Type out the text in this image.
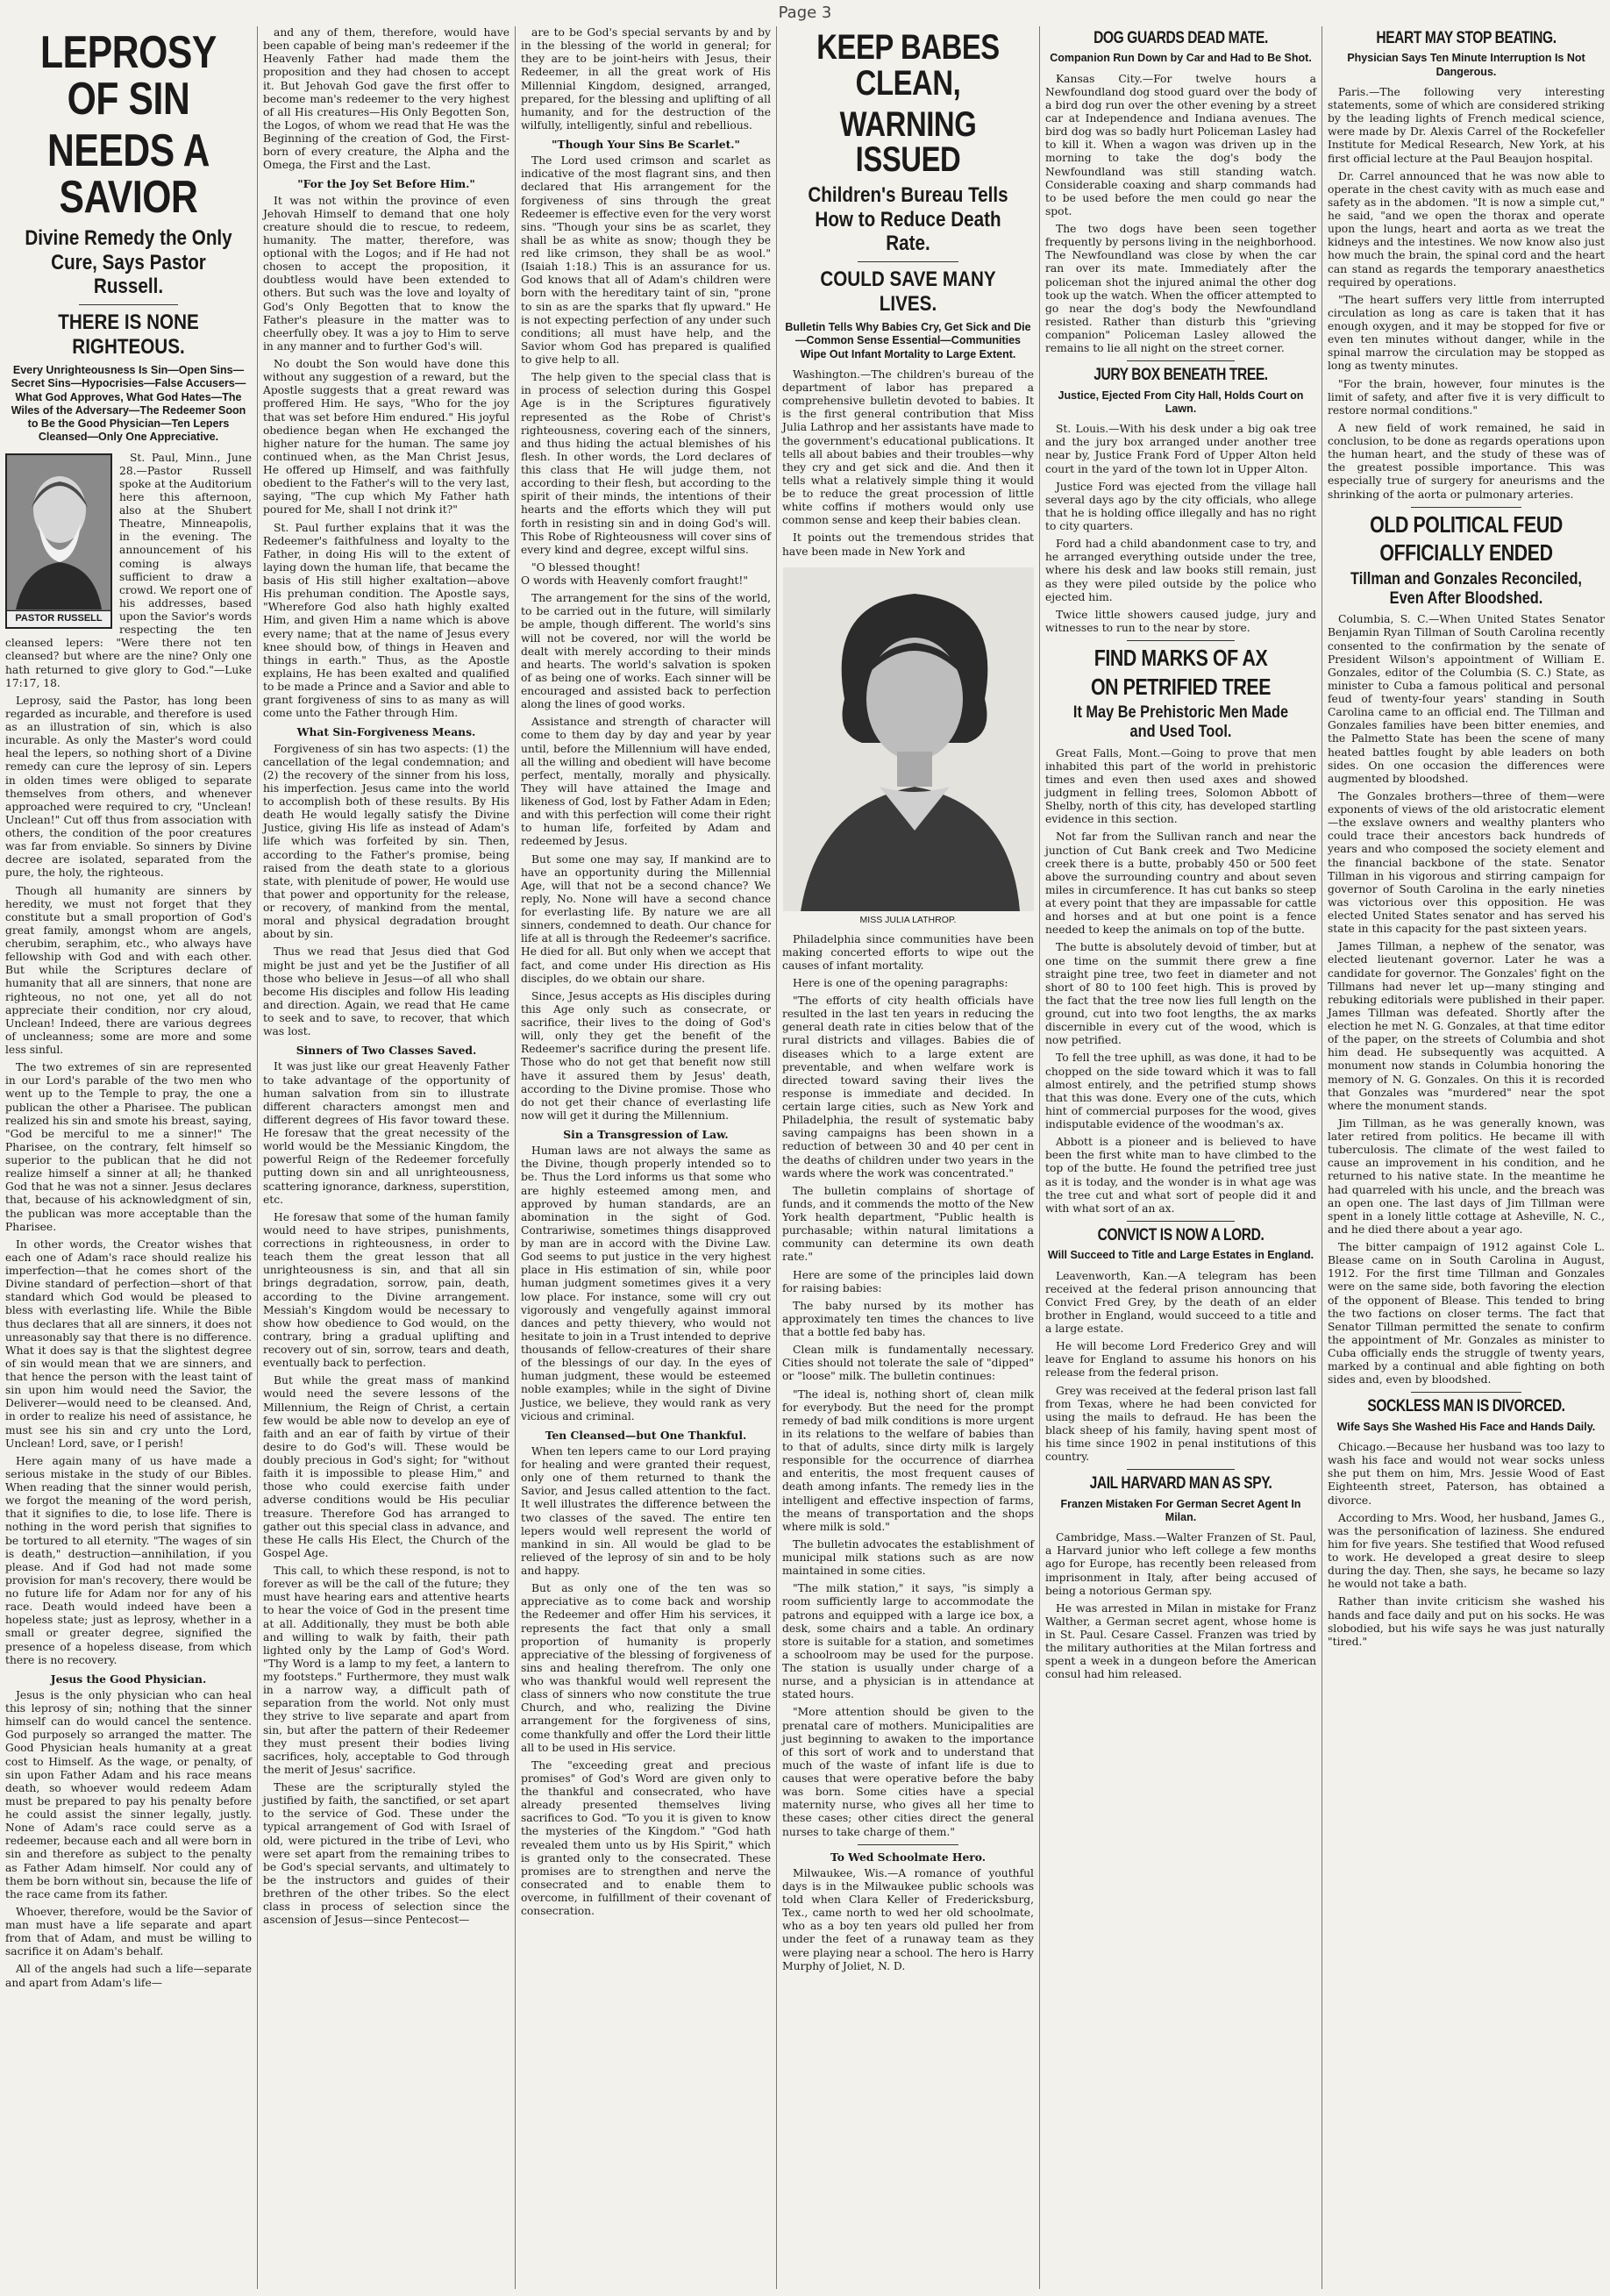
Page 3
LEPROSY OF SIN
NEEDS A SAVIOR
Divine Remedy the Only Cure, Says Pastor Russell.
THERE IS NONE RIGHTEOUS.
Every Unrighteousness Is Sin—Open Sins—Secret Sins—Hypocrisies—False Accusers—What God Approves, What God Hates—The Wiles of the Adversary—The Redeemer Soon to Be the Good Physician—Ten Lepers Cleansed—Only One Appreciative.
PASTOR RUSSELL

St. Paul, Minn., June 28.—Pastor Russell spoke at the Auditorium here this afternoon, also at the Shubert Theatre, Minneapolis, in the evening. The announcement of his coming is always sufficient to draw a crowd. We report one of his addresses, based upon the Savior's words respecting the ten cleansed lepers: "Were there not ten cleansed? but where are the nine? Only one hath returned to give glory to God."—Luke 17:17, 18.

Leprosy, said the Pastor, has long been regarded as incurable, and therefore is used as an illustration of sin, which is also incurable. As only the Master's word could heal the lepers, so nothing short of a Divine remedy can cure the leprosy of sin. Lepers in olden times were obliged to separate themselves from others, and whenever approached were required to cry, "Unclean! Unclean!" Cut off thus from association with others, the condition of the poor creatures was far from enviable. So sinners by Divine decree are isolated, separated from the pure, the holy, the righteous.

Though all humanity are sinners by heredity, we must not forget that they constitute but a small proportion of God's great family, amongst whom are angels, cherubim, seraphim, etc., who always have fellowship with God and with each other. But while the Scriptures declare of humanity that all are sinners, that none are righteous, no not one, yet all do not appreciate their condition, nor cry aloud, Unclean! Indeed, there are various degrees of uncleanness; some are more and some less sinful.

The two extremes of sin are represented in our Lord's parable of the two men who went up to the Temple to pray, the one a publican the other a Pharisee. The publican realized his sin and smote his breast, saying, "God be merciful to me a sinner!" The Pharisee, on the contrary, felt himself so superior to the publican that he did not realize himself a sinner at all; he thanked God that he was not a sinner. Jesus declares that, because of his acknowledgment of sin, the publican was more acceptable than the Pharisee.

In other words, the Creator wishes that each one of Adam's race should realize his imperfection—that he comes short of the Divine standard of perfection—short of that standard which God would be pleased to bless with everlasting life. While the Bible thus declares that all are sinners, it does not unreasonably say that there is no difference. What it does say is that the slightest degree of sin would mean that we are sinners, and that hence the person with the least taint of sin upon him would need the Savior, the Deliverer—would need to be cleansed. And, in order to realize his need of assistance, he must see his sin and cry unto the Lord, Unclean! Lord, save, or I perish!

Here again many of us have made a serious mistake in the study of our Bibles. When reading that the sinner would perish, we forgot the meaning of the word perish, that it signifies to die, to lose life. There is nothing in the word perish that signifies to be tortured to all eternity. "The wages of sin is death," destruction—annihilation, if you please. And if God had not made some provision for man's recovery, there would be no future life for Adam nor for any of his race. Death would indeed have been a hopeless state; just as leprosy, whether in a small or greater degree, signified the presence of a hopeless disease, from which there is no recovery.

Jesus the Good Physician.

Jesus is the only physician who can heal this leprosy of sin; nothing that the sinner himself can do would cancel the sentence. God purposely so arranged the matter. The Good Physician heals humanity at a great cost to Himself. As the wage, or penalty, of sin upon Father Adam and his race means death, so whoever would redeem Adam must be prepared to pay his penalty before he could assist the sinner legally, justly. None of Adam's race could serve as a redeemer, because each and all were born in sin and therefore as subject to the penalty as Father Adam himself. Nor could any of them be born without sin, because the life of the race came from its father.

Whoever, therefore, would be the Savior of man must have a life separate and apart from that of Adam, and must be willing to sacrifice it on Adam's behalf.

All of the angels had such a life—separate and apart from Adam's life—

and any of them, therefore, would have been capable of being man's redeemer if the Heavenly Father had made them the proposition and they had chosen to accept it. But Jehovah God gave the first offer to become man's redeemer to the very highest of all His creatures—His Only Begotten Son, the Logos, of whom we read that He was the Beginning of the creation of God, the First-born of every creature, the Alpha and the Omega, the First and the Last.

"For the Joy Set Before Him."

It was not within the province of even Jehovah Himself to demand that one holy creature should die to rescue, to redeem, humanity. The matter, therefore, was optional with the Logos; and if He had not chosen to accept the proposition, it doubtless would have been extended to others. But such was the love and loyalty of God's Only Begotten that to know the Father's pleasure in the matter was to cheerfully obey. It was a joy to Him to serve in any manner and to further God's will.

No doubt the Son would have done this without any suggestion of a reward, but the Apostle suggests that a great reward was proffered Him. He says, "Who for the joy that was set before Him endured." His joyful obedience began when He exchanged the higher nature for the human. The same joy continued when, as the Man Christ Jesus, He offered up Himself, and was faithfully obedient to the Father's will to the very last, saying, "The cup which My Father hath poured for Me, shall I not drink it?"

St. Paul further explains that it was the Redeemer's faithfulness and loyalty to the Father, in doing His will to the extent of laying down the human life, that became the basis of His still higher exaltation—above His prehuman condition. The Apostle says, "Wherefore God also hath highly exalted Him, and given Him a name which is above every name; that at the name of Jesus every knee should bow, of things in Heaven and things in earth." Thus, as the Apostle explains, He has been exalted and qualified to be made a Prince and a Savior and able to grant forgiveness of sins to as many as will come unto the Father through Him.

What Sin-Forgiveness Means.

Forgiveness of sin has two aspects: (1) the cancellation of the legal condemnation; and (2) the recovery of the sinner from his loss, his imperfection. Jesus came into the world to accomplish both of these results. By His death He would legally satisfy the Divine Justice, giving His life as instead of Adam's life which was forfeited by sin. Then, according to the Father's promise, being raised from the death state to a glorious state, with plenitude of power, He would use that power and opportunity for the release, or recovery, of mankind from the mental, moral and physical degradation brought about by sin.

Thus we read that Jesus died that God might be just and yet be the Justifier of all those who believe in Jesus—of all who shall become His disciples and follow His leading and direction. Again, we read that He came to seek and to save, to recover, that which was lost.

Sinners of Two Classes Saved.

It was just like our great Heavenly Father to take advantage of the opportunity of human salvation from sin to illustrate different characters amongst men and different degrees of His favor toward these. He foresaw that the great necessity of the world would be the Messianic Kingdom, the powerful Reign of the Redeemer forcefully putting down sin and all unrighteousness, scattering ignorance, darkness, superstition, etc.

He foresaw that some of the human family would need to have stripes, punishments, corrections in righteousness, in order to teach them the great lesson that all unrighteousness is sin, and that all sin brings degradation, sorrow, pain, death, according to the Divine arrangement. Messiah's Kingdom would be necessary to show how obedience to God would, on the contrary, bring a gradual uplifting and recovery out of sin, sorrow, tears and death, eventually back to perfection.

But while the great mass of mankind would need the severe lessons of the Millennium, the Reign of Christ, a certain few would be able now to develop an eye of faith and an ear of faith by virtue of their desire to do God's will. These would be doubly precious in God's sight; for "without faith it is impossible to please Him," and those who could exercise faith under adverse conditions would be His peculiar treasure. Therefore God has arranged to gather out this special class in advance, and these He calls His Elect, the Church of the Gospel Age.

This call, to which these respond, is not to forever as will be the call of the future; they must have hearing ears and attentive hearts to hear the voice of God in the present time at all. Additionally, they must be both able and willing to walk by faith, their path lighted only by the Lamp of God's Word. "Thy Word is a lamp to my feet, a lantern to my footsteps." Furthermore, they must walk in a narrow way, a difficult path of separation from the world. Not only must they strive to live separate and apart from sin, but after the pattern of their Redeemer they must present their bodies living sacrifices, holy, acceptable to God through the merit of Jesus' sacrifice.

These are the scripturally styled the justified by faith, the sanctified, or set apart to the service of God. These under the typical arrangement of God with Israel of old, were pictured in the tribe of Levi, who were set apart from the remaining tribes to be God's special servants, and ultimately to be the instructors and guides of their brethren of the other tribes. So the elect class in process of selection since the ascension of Jesus—since Pentecost—

are to be God's special servants by and by in the blessing of the world in general; for they are to be joint-heirs with Jesus, their Redeemer, in all the great work of His Millennial Kingdom, designed, arranged, prepared, for the blessing and uplifting of all humanity, and for the destruction of the wilfully, intelligently, sinful and rebellious.

"Though Your Sins Be Scarlet."

The Lord used crimson and scarlet as indicative of the most flagrant sins, and then declared that His arrangement for the forgiveness of sins through the great Redeemer is effective even for the very worst sins. "Though your sins be as scarlet, they shall be as white as snow; though they be red like crimson, they shall be as wool." (Isaiah 1:18.) This is an assurance for us. God knows that all of Adam's children were born with the hereditary taint of sin, "prone to sin as are the sparks that fly upward." He is not expecting perfection of any under such conditions; all must have help, and the Savior whom God has prepared is qualified to give help to all.

The help given to the special class that is in process of selection during this Gospel Age is in the Scriptures figuratively represented as the Robe of Christ's righteousness, covering each of the sinners, and thus hiding the actual blemishes of his flesh. In other words, the Lord declares of this class that He will judge them, not according to their flesh, but according to the spirit of their minds, the intentions of their hearts and the efforts which they will put forth in resisting sin and in doing God's will. This Robe of Righteousness will cover sins of every kind and degree, except wilful sins.

"O blessed thought!
O words with Heavenly comfort fraught!"

The arrangement for the sins of the world, to be carried out in the future, will similarly be ample, though different. The world's sins will not be covered, nor will the world be dealt with merely according to their minds and hearts. The world's salvation is spoken of as being one of works. Each sinner will be encouraged and assisted back to perfection along the lines of good works.

Assistance and strength of character will come to them day by day and year by year until, before the Millennium will have ended, all the willing and obedient will have become perfect, mentally, morally and physically. They will have attained the Image and likeness of God, lost by Father Adam in Eden; and with this perfection will come their right to human life, forfeited by Adam and redeemed by Jesus.

But some one may say, If mankind are to have an opportunity during the Millennial Age, will that not be a second chance? We reply, No. None will have a second chance for everlasting life. By nature we are all sinners, condemned to death. Our chance for life at all is through the Redeemer's sacrifice. He died for all. But only when we accept that fact, and come under His direction as His disciples, do we obtain our share.

Since, Jesus accepts as His disciples during this Age only such as consecrate, or sacrifice, their lives to the doing of God's will, only they get the benefit of the Redeemer's sacrifice during the present life. Those who do not get that benefit now still have it assured them by Jesus' death, according to the Divine promise. Those who do not get their chance of everlasting life now will get it during the Millennium.

Sin a Transgression of Law.

Human laws are not always the same as the Divine, though properly intended so to be. Thus the Lord informs us that some who are highly esteemed among men, and approved by human standards, are an abomination in the sight of God. Contrariwise, sometimes things disapproved by man are in accord with the Divine Law. God seems to put justice in the very highest place in His estimation of sin, while poor human judgment sometimes gives it a very low place. For instance, some will cry out vigorously and vengefully against immoral dances and petty thievery, who would not hesitate to join in a Trust intended to deprive thousands of fellow-creatures of their share of the blessings of our day. In the eyes of human judgment, these would be esteemed noble examples; while in the sight of Divine Justice, we believe, they would rank as very vicious and criminal.

Ten Cleansed—but One Thankful.

When ten lepers came to our Lord praying for healing and were granted their request, only one of them returned to thank the Savior, and Jesus called attention to the fact. It well illustrates the difference between the two classes of the saved. The entire ten lepers would well represent the world of mankind in sin. All would be glad to be relieved of the leprosy of sin and to be holy and happy.

But as only one of the ten was so appreciative as to come back and worship the Redeemer and offer Him his services, it represents the fact that only a small proportion of humanity is properly appreciative of the blessing of forgiveness of sins and healing therefrom. The only one who was thankful would well represent the class of sinners who now constitute the true Church, and who, realizing the Divine arrangement for the forgiveness of sins, come thankfully and offer the Lord their little all to be used in His service.

The "exceeding great and precious promises" of God's Word are given only to the thankful and consecrated, who have already presented themselves living sacrifices to God. "To you it is given to know the mysteries of the Kingdom." "God hath revealed them unto us by His Spirit," which is granted only to the consecrated. These promises are to strengthen and nerve the consecrated and to enable them to overcome, in fulfillment of their covenant of consecration.

KEEP BABES CLEAN,
WARNING ISSUED
Children's Bureau Tells How to Reduce Death Rate.
COULD SAVE MANY LIVES.
Bulletin Tells Why Babies Cry, Get Sick and Die—Common Sense Essential—Communities Wipe Out Infant Mortality to Large Extent.

Washington.—The children's bureau of the department of labor has prepared a comprehensive bulletin devoted to babies. It is the first general contribution that Miss Julia Lathrop and her assistants have made to the government's educational publications. It tells all about babies and their troubles—why they cry and get sick and die. And then it tells what a relatively simple thing it would be to reduce the great procession of little white coffins if mothers would only use common sense and keep their babies clean.

It points out the tremendous strides that have been made in New York and

MISS JULIA LATHROP.

Philadelphia since communities have been making concerted efforts to wipe out the causes of infant mortality.

Here is one of the opening paragraphs:

"The efforts of city health officials have resulted in the last ten years in reducing the general death rate in cities below that of the rural districts and villages. Babies die of diseases which to a large extent are preventable, and when welfare work is directed toward saving their lives the response is immediate and decided. In certain large cities, such as New York and Philadelphia, the result of systematic baby saving campaigns has been shown in a reduction of between 30 and 40 per cent in the deaths of children under two years in the wards where the work was concentrated."

The bulletin complains of shortage of funds, and it commends the motto of the New York health department, "Public health is purchasable; within natural limitations a community can determine its own death rate."

Here are some of the principles laid down for raising babies:

The baby nursed by its mother has approximately ten times the chances to live that a bottle fed baby has.

Clean milk is fundamentally necessary. Cities should not tolerate the sale of "dipped" or "loose" milk. The bulletin continues:

"The ideal is, nothing short of, clean milk for everybody. But the need for the prompt remedy of bad milk conditions is more urgent in its relations to the welfare of babies than to that of adults, since dirty milk is largely responsible for the occurrence of diarrhea and enteritis, the most frequent causes of death among infants. The remedy lies in the intelligent and effective inspection of farms, the means of transportation and the shops where milk is sold."

The bulletin advocates the establishment of municipal milk stations such as are now maintained in some cities.

"The milk station," it says, "is simply a room sufficiently large to accommodate the patrons and equipped with a large ice box, a desk, some chairs and a table. An ordinary store is suitable for a station, and sometimes a schoolroom may be used for the purpose. The station is usually under charge of a nurse, and a physician is in attendance at stated hours.

"More attention should be given to the prenatal care of mothers. Municipalities are just beginning to awaken to the importance of this sort of work and to understand that much of the waste of infant life is due to causes that were operative before the baby was born. Some cities have a special maternity nurse, who gives all her time to these cases; other cities direct the general nurses to take charge of them."

To Wed Schoolmate Hero.

Milwaukee, Wis.—A romance of youthful days is in the Milwaukee public schools was told when Clara Keller of Fredericksburg, Tex., came north to wed her old schoolmate, who as a boy ten years old pulled her from under the feet of a runaway team as they were playing near a school. The hero is Harry Murphy of Joliet, N. D.

DOG GUARDS DEAD MATE.
Companion Run Down by Car and Had to Be Shot.

Kansas City.—For twelve hours a Newfoundland dog stood guard over the body of a bird dog run over the other evening by a street car at Independence and Indiana avenues. The bird dog was so badly hurt Policeman Lasley had to kill it. When a wagon was driven up in the morning to take the dog's body the Newfoundland was still standing watch. Considerable coaxing and sharp commands had to be used before the men could go near the spot.

The two dogs have been seen together frequently by persons living in the neighborhood. The Newfoundland was close by when the car ran over its mate. Immediately after the policeman shot the injured animal the other dog took up the watch. When the officer attempted to go near the dog's body the Newfoundland resisted. Rather than disturb this "grieving companion" Policeman Lasley allowed the remains to lie all night on the street corner.

JURY BOX BENEATH TREE.
Justice, Ejected From City Hall, Holds Court on Lawn.

St. Louis.—With his desk under a big oak tree and the jury box arranged under another tree near by, Justice Frank Ford of Upper Alton held court in the yard of the town lot in Upper Alton.

Justice Ford was ejected from the village hall several days ago by the city officials, who allege that he is holding office illegally and has no right to city quarters.

Ford had a child abandonment case to try, and he arranged everything outside under the tree, where his desk and law books still remain, just as they were piled outside by the police who ejected him.

Twice little showers caused judge, jury and witnesses to run to the near by store.

FIND MARKS OF AX
ON PETRIFIED TREE
It May Be Prehistoric Men Made and Used Tool.

Great Falls, Mont.—Going to prove that men inhabited this part of the world in prehistoric times and even then used axes and showed judgment in felling trees, Solomon Abbott of Shelby, north of this city, has developed startling evidence in this section.

Not far from the Sullivan ranch and near the junction of Cut Bank creek and Two Medicine creek there is a butte, probably 450 or 500 feet above the surrounding country and about seven miles in circumference. It has cut banks so steep at every point that they are impassable for cattle and horses and at but one point is a fence needed to keep the animals on top of the butte.

The butte is absolutely devoid of timber, but at one time on the summit there grew a fine straight pine tree, two feet in diameter and not short of 80 to 100 feet high. This is proved by the fact that the tree now lies full length on the ground, cut into two foot lengths, the ax marks discernible in every cut of the wood, which is now petrified.

To fell the tree uphill, as was done, it had to be chopped on the side toward which it was to fall almost entirely, and the petrified stump shows that this was done. Every one of the cuts, which hint of commercial purposes for the wood, gives indisputable evidence of the woodman's ax.

Abbott is a pioneer and is believed to have been the first white man to have climbed to the top of the butte. He found the petrified tree just as it is today, and the wonder is in what age was the tree cut and what sort of people did it and with what sort of an ax.

CONVICT IS NOW A LORD.
Will Succeed to Title and Large Estates in England.

Leavenworth, Kan.—A telegram has been received at the federal prison announcing that Convict Fred Grey, by the death of an elder brother in England, would succeed to a title and a large estate.

He will become Lord Frederico Grey and will leave for England to assume his honors on his release from the federal prison.

Grey was received at the federal prison last fall from Texas, where he had been convicted for using the mails to defraud. He has been the black sheep of his family, having spent most of his time since 1902 in penal institutions of this country.

JAIL HARVARD MAN AS SPY.
Franzen Mistaken For German Secret Agent In Milan.

Cambridge, Mass.—Walter Franzen of St. Paul, a Harvard junior who left college a few months ago for Europe, has recently been released from imprisonment in Italy, after being accused of being a notorious German spy.

He was arrested in Milan in mistake for Franz Walther, a German secret agent, whose home is in St. Paul. Cesare Cassel. Franzen was tried by the military authorities at the Milan fortress and spent a week in a dungeon before the American consul had him released.

HEART MAY STOP BEATING.
Physician Says Ten Minute Interruption Is Not Dangerous.

Paris.—The following very interesting statements, some of which are considered striking by the leading lights of French medical science, were made by Dr. Alexis Carrel of the Rockefeller Institute for Medical Research, New York, at his first official lecture at the Paul Beaujon hospital.

Dr. Carrel announced that he was now able to operate in the chest cavity with as much ease and safety as in the abdomen. "It is now a simple cut," he said, "and we open the thorax and operate upon the lungs, heart and aorta as we treat the kidneys and the intestines. We now know also just how much the brain, the spinal cord and the heart can stand as regards the temporary anaesthetics required by operations.

"The heart suffers very little from interrupted circulation as long as care is taken that it has enough oxygen, and it may be stopped for five or even ten minutes without danger, while in the spinal marrow the circulation may be stopped as long as twenty minutes.

"For the brain, however, four minutes is the limit of safety, and after five it is very difficult to restore normal conditions."

A new field of work remained, he said in conclusion, to be done as regards operations upon the human heart, and the study of these was of the greatest possible importance. This was especially true of surgery for aneurisms and the shrinking of the aorta or pulmonary arteries.

OLD POLITICAL FEUD
OFFICIALLY ENDED
Tillman and Gonzales Reconciled, Even After Bloodshed.

Columbia, S. C.—When United States Senator Benjamin Ryan Tillman of South Carolina recently consented to the confirmation by the senate of President Wilson's appointment of William E. Gonzales, editor of the Columbia (S. C.) State, as minister to Cuba a famous political and personal feud of twenty-four years' standing in South Carolina came to an official end. The Tillman and Gonzales families have been bitter enemies, and the Palmetto State has been the scene of many heated battles fought by able leaders on both sides. On one occasion the differences were augmented by bloodshed.

The Gonzales brothers—three of them—were exponents of views of the old aristocratic element—the exslave owners and wealthy planters who could trace their ancestors back hundreds of years and who composed the society element and the financial backbone of the state. Senator Tillman in his vigorous and stirring campaign for governor of South Carolina in the early nineties was victorious over this opposition. He was elected United States senator and has served his state in this capacity for the past sixteen years.

James Tillman, a nephew of the senator, was elected lieutenant governor. Later he was a candidate for governor. The Gonzales' fight on the Tillmans had never let up—many stinging and rebuking editorials were published in their paper. James Tillman was defeated. Shortly after the election he met N. G. Gonzales, at that time editor of the paper, on the streets of Columbia and shot him dead. He subsequently was acquitted. A monument now stands in Columbia honoring the memory of N. G. Gonzales. On this it is recorded that Gonzales was "murdered" near the spot where the monument stands.

Jim Tillman, as he was generally known, was later retired from politics. He became ill with tuberculosis. The climate of the west failed to cause an improvement in his condition, and he returned to his native state. In the meantime he had quarreled with his uncle, and the breach was an open one. The last days of Jim Tillman were spent in a lonely little cottage at Asheville, N. C., and he died there about a year ago.

The bitter campaign of 1912 against Cole L. Blease came on in South Carolina in August, 1912. For the first time Tillman and Gonzales were on the same side, both favoring the election of the opponent of Blease. This tended to bring the two factions on closer terms. The fact that Senator Tillman permitted the senate to confirm the appointment of Mr. Gonzales as minister to Cuba officially ends the struggle of twenty years, marked by a continual and able fighting on both sides and, even by bloodshed.

SOCKLESS MAN IS DIVORCED.
Wife Says She Washed His Face and Hands Daily.

Chicago.—Because her husband was too lazy to wash his face and would not wear socks unless she put them on him, Mrs. Jessie Wood of East Eighteenth street, Paterson, has obtained a divorce.

According to Mrs. Wood, her husband, James G., was the personification of laziness. She endured him for five years. She testified that Wood refused to work. He developed a great desire to sleep during the day. Then, she says, he became so lazy he would not take a bath.

Rather than invite criticism she washed his hands and face daily and put on his socks. He was slobodied, but his wife says he was just naturally "tired."
